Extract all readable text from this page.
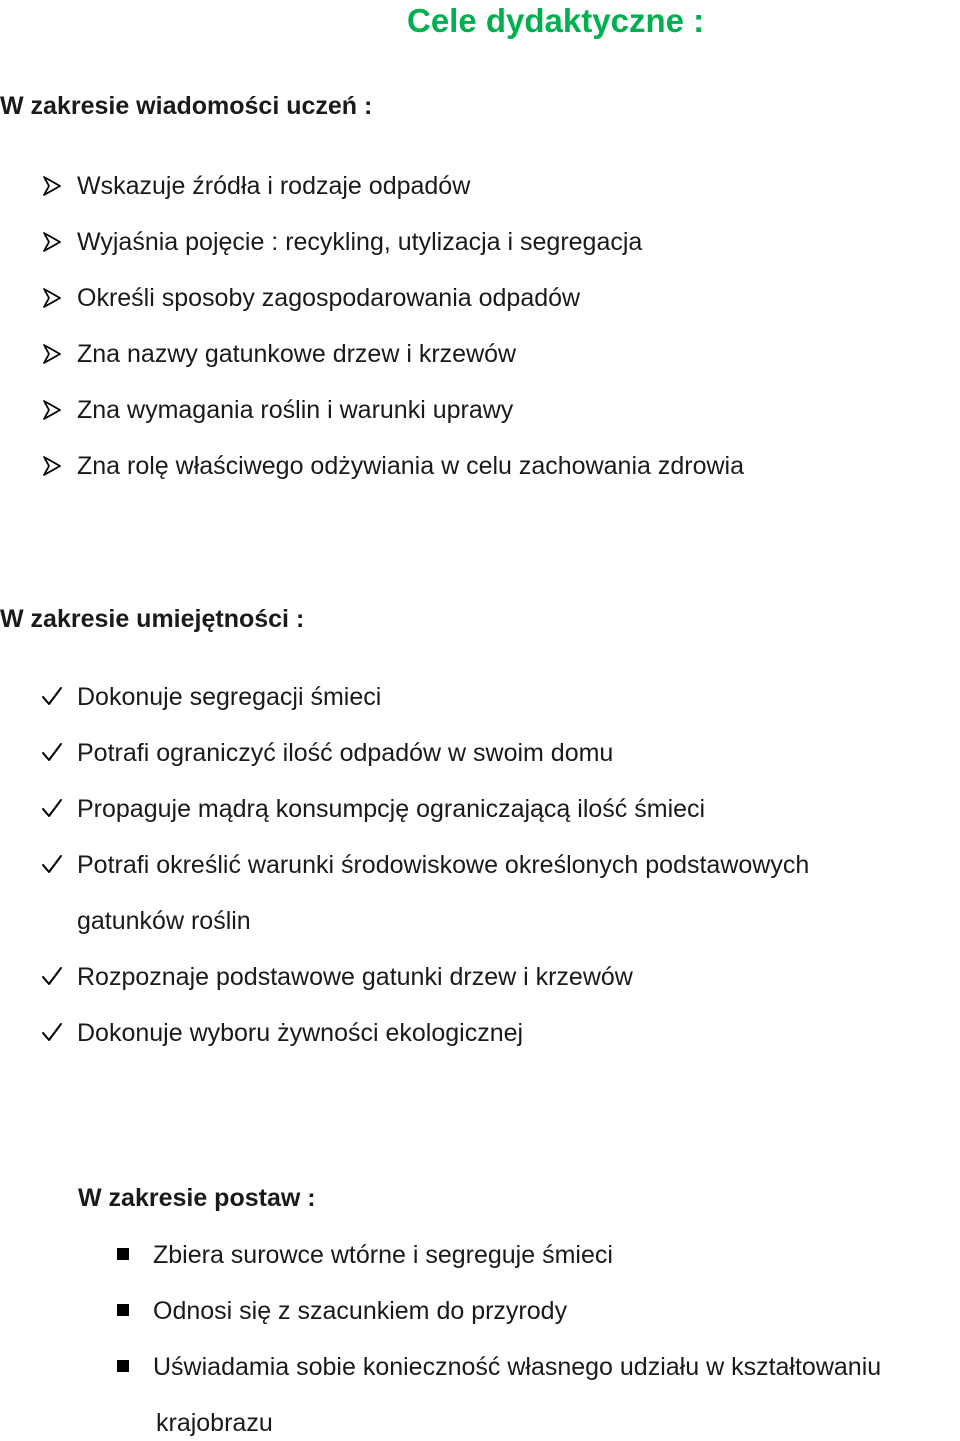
Cele dydaktyczne :
W zakresie wiadomości uczeń :
Wskazuje źródła i rodzaje odpadów
Wyjaśnia pojęcie : recykling, utylizacja i segregacja
Określi sposoby zagospodarowania odpadów
Zna nazwy gatunkowe drzew i krzewów
Zna wymagania roślin i warunki uprawy
Zna rolę właściwego odżywiania w celu zachowania zdrowia
W zakresie umiejętności :
Dokonuje segregacji śmieci
Potrafi ograniczyć ilość odpadów w swoim domu
Propaguje mądrą konsumpcję ograniczającą ilość śmieci
Potrafi określić warunki środowiskowe określonych podstawowych
gatunków roślin
Rozpoznaje podstawowe gatunki drzew i krzewów
Dokonuje wyboru żywności ekologicznej
W zakresie postaw :
Zbiera surowce wtórne i segreguje śmieci
Odnosi się z szacunkiem do przyrody
Uświadamia sobie konieczność własnego udziału w kształtowaniu
krajobrazu
